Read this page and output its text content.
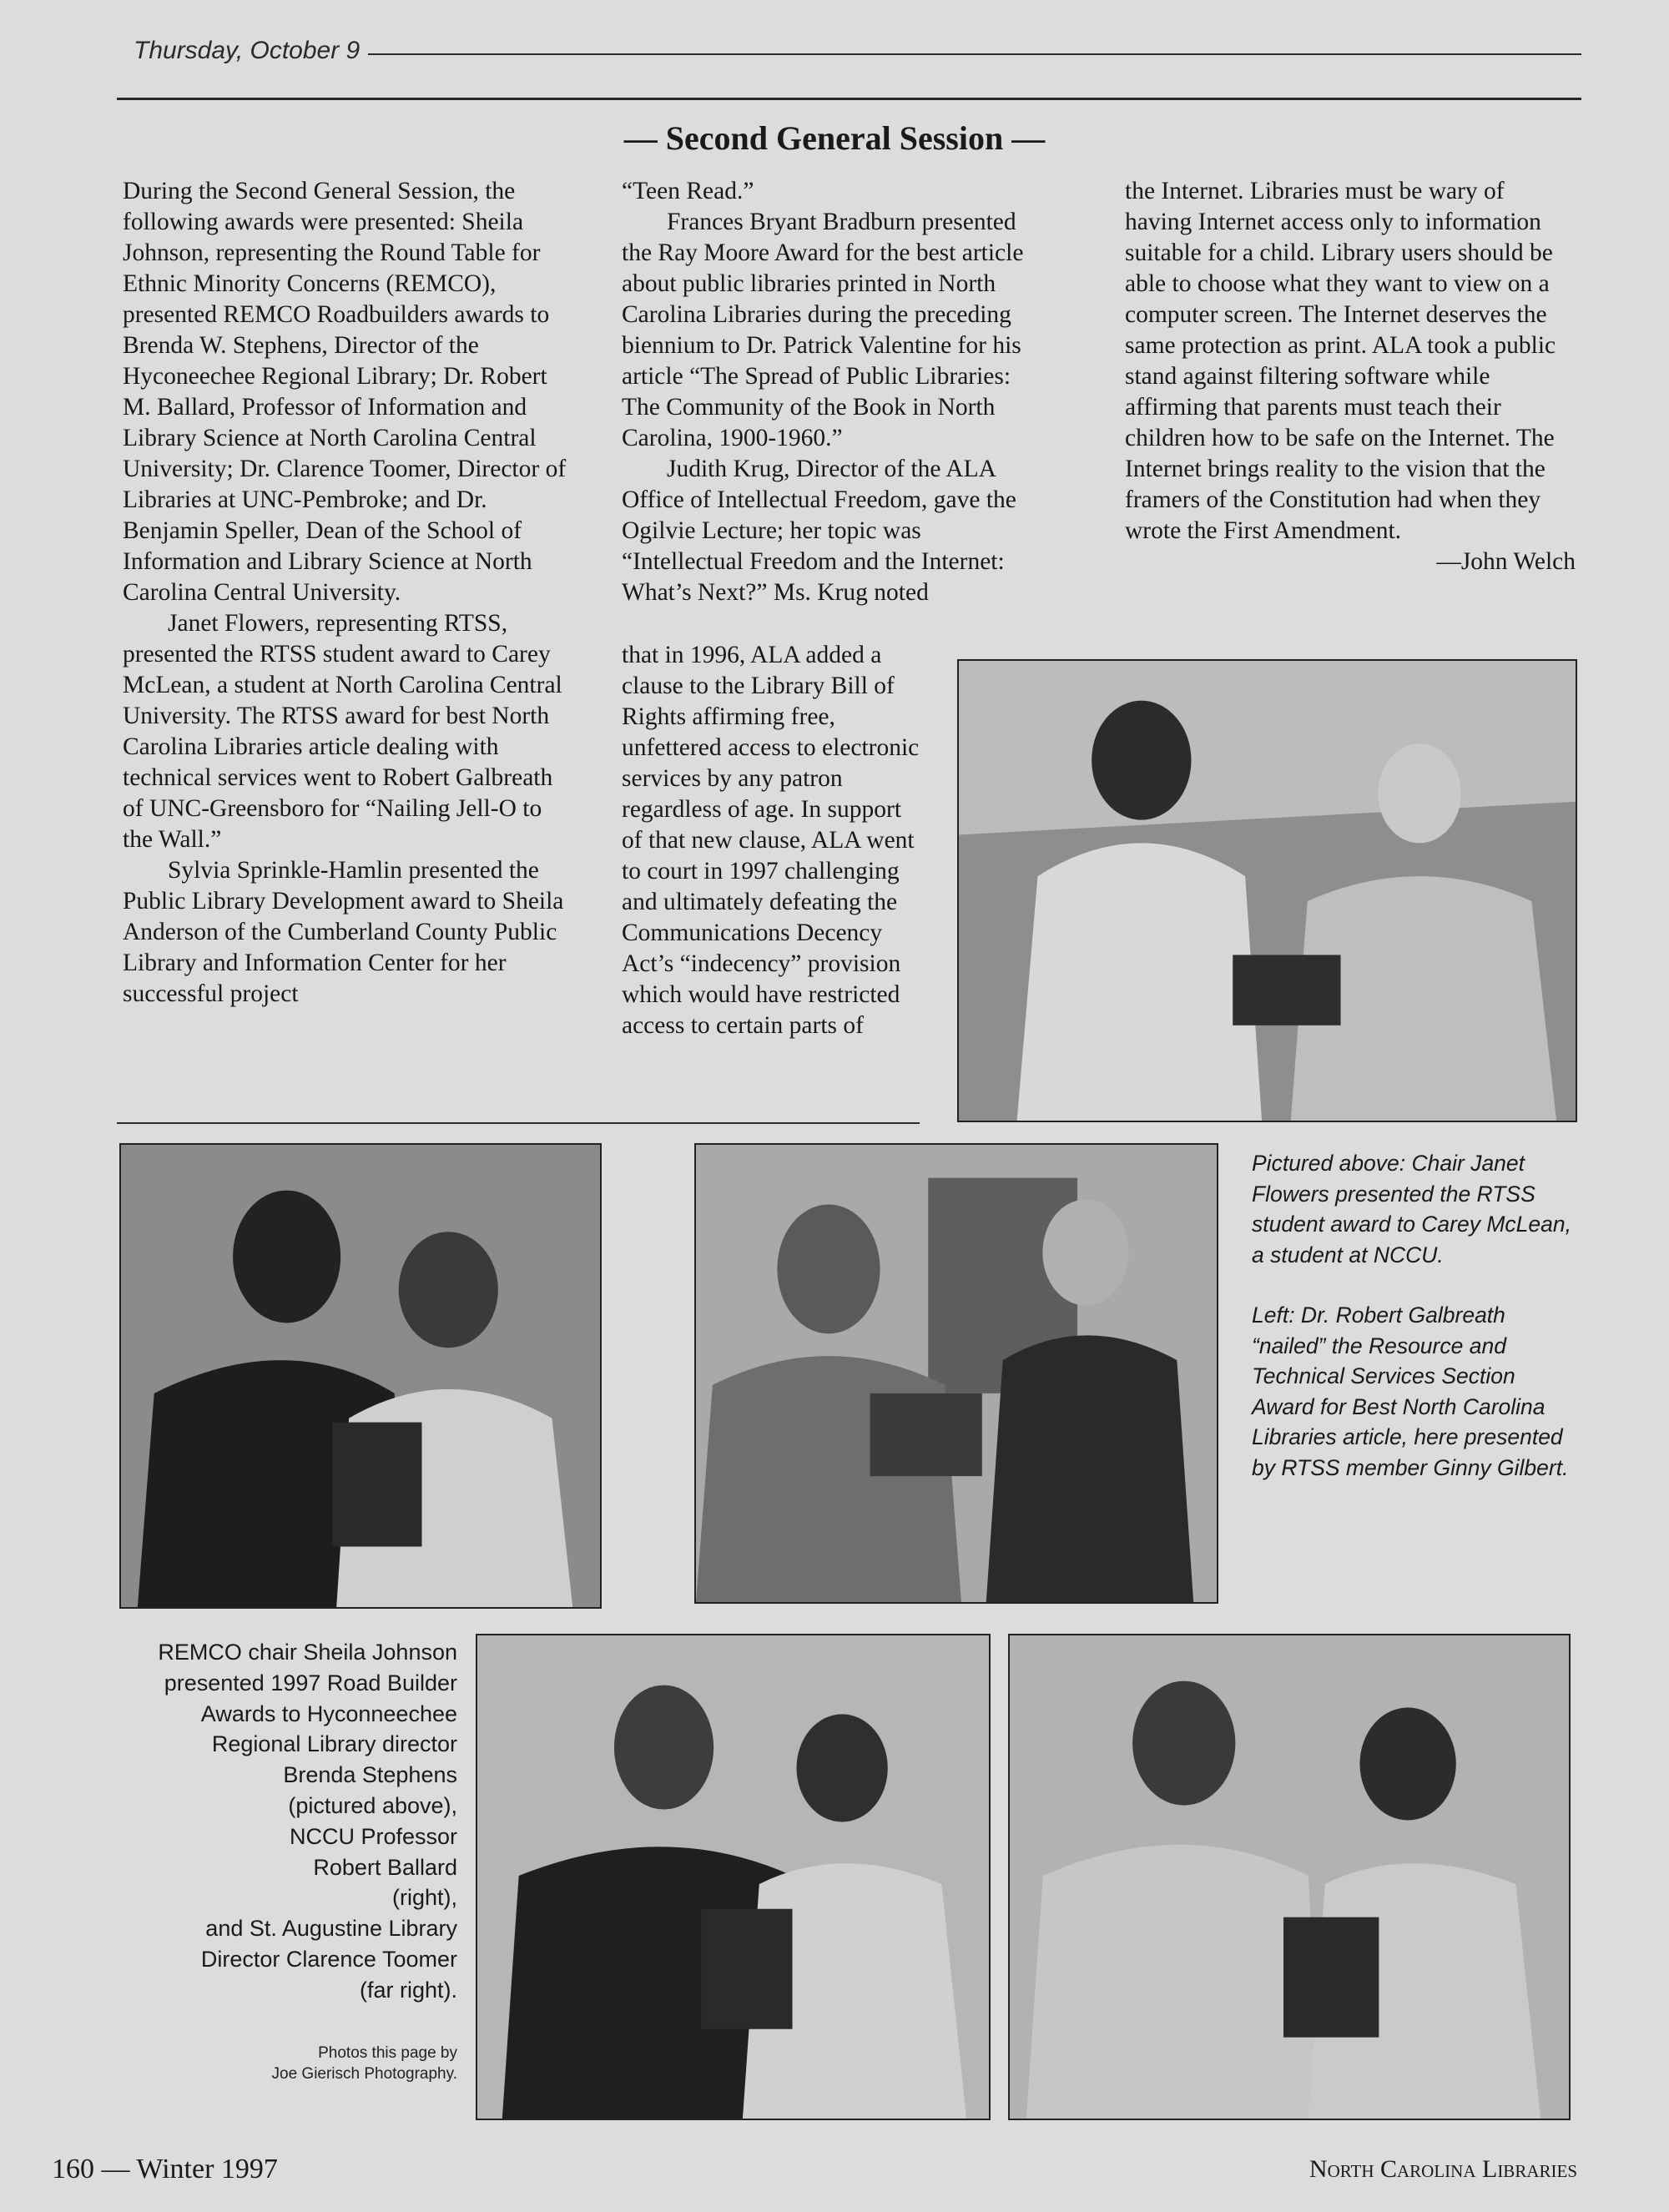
Thursday, October 9
— Second General Session —

During the Second General Session, the following awards were presented: Sheila Johnson, representing the Round Table for Ethnic Minority Concerns (REMCO), presented REMCO Roadbuilders awards to Brenda W. Stephens, Director of the Hyconeechee Regional Library; Dr. Robert M. Ballard, Professor of Information and Library Science at North Carolina Central University; Dr. Clarence Toomer, Director of Libraries at UNC-Pembroke; and Dr. Benjamin Speller, Dean of the School of Information and Library Science at North Carolina Central University.

Janet Flowers, representing RTSS, presented the RTSS student award to Carey McLean, a student at North Carolina Central University. The RTSS award for best North Carolina Libraries article dealing with technical services went to Robert Galbreath of UNC-Greensboro for “Nailing Jell-O to the Wall.”

Sylvia Sprinkle-Hamlin presented the Public Library Development award to Sheila Anderson of the Cumberland County Public Library and Information Center for her successful project

“Teen Read.”

Frances Bryant Bradburn presented the Ray Moore Award for the best article about public libraries printed in North Carolina Libraries during the preceding biennium to Dr. Patrick Valentine for his article “The Spread of Public Libraries: The Community of the Book in North Carolina, 1900-1960.”

Judith Krug, Director of the ALA Office of Intellectual Freedom, gave the Ogilvie Lecture; her topic was “Intellectual Freedom and the Internet: What’s Next?” Ms. Krug noted

that in 1996, ALA added a clause to the Library Bill of Rights affirming free, unfettered access to electronic services by any patron regardless of age. In support of that new clause, ALA went to court in 1997 challenging and ultimately defeating the Communications Decency Act’s “indecency” provision which would have restricted access to certain parts of

the Internet. Libraries must be wary of having Internet access only to information suitable for a child. Library users should be able to choose what they want to view on a computer screen. The Internet deserves the same protection as print. ALA took a public stand against filtering software while affirming that parents must teach their children how to be safe on the Internet. The Internet brings reality to the vision that the framers of the Constitution had when they wrote the First Amendment.

—John Welch

Pictured above: Chair Janet Flowers presented the RTSS student award to Carey McLean, a student at NCCU.

Left: Dr. Robert Galbreath “nailed” the Resource and Technical Services Section Award for Best North Carolina Libraries article, here presented by RTSS member Ginny Gilbert.

REMCO chair Sheila Johnson

presented 1997 Road Builder

Awards to Hyconneechee

Regional Library director

Brenda Stephens

(pictured above),

NCCU Professor

Robert Ballard

(right),

and St. Augustine Library

Director Clarence Toomer

(far right).

Photos this page by
Joe Gierisch Photography.
160 — Winter 1997	North Carolina Libraries
